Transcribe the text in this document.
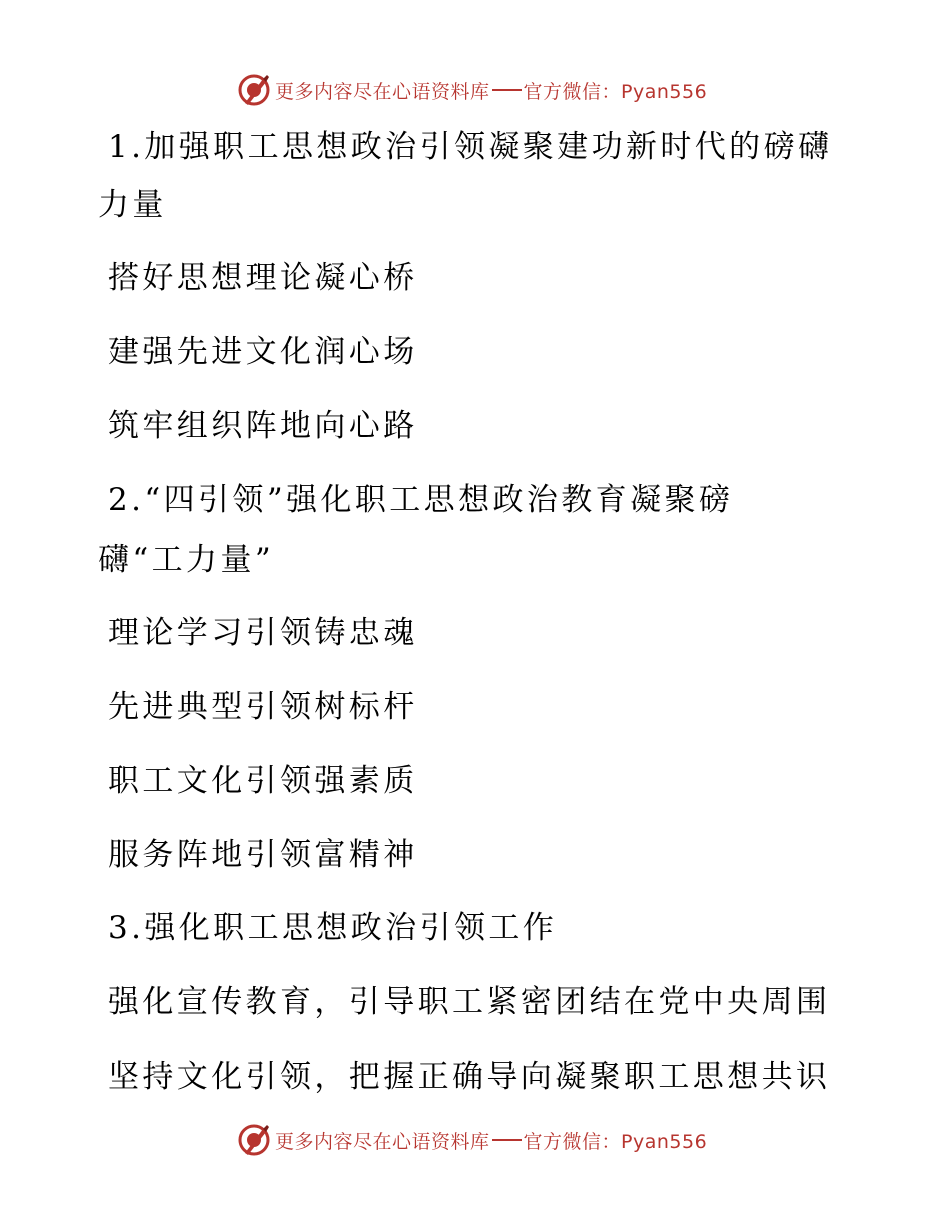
更多内容尽在心语资料库 官方微信：Pyan556
1.加强职工思想政治引领凝聚建功新时代的磅礴
力量
搭好思想理论凝心桥
建强先进文化润心场
筑牢组织阵地向心路
2.“四引领”强化职工思想政治教育凝聚磅
礴“工力量”
理论学习引领铸忠魂
先进典型引领树标杆
职工文化引领强素质
服务阵地引领富精神
3.强化职工思想政治引领工作
强化宣传教育，引导职工紧密团结在党中央周围
坚持文化引领，把握正确导向凝聚职工思想共识
更多内容尽在心语资料库 官方微信：Pyan556
